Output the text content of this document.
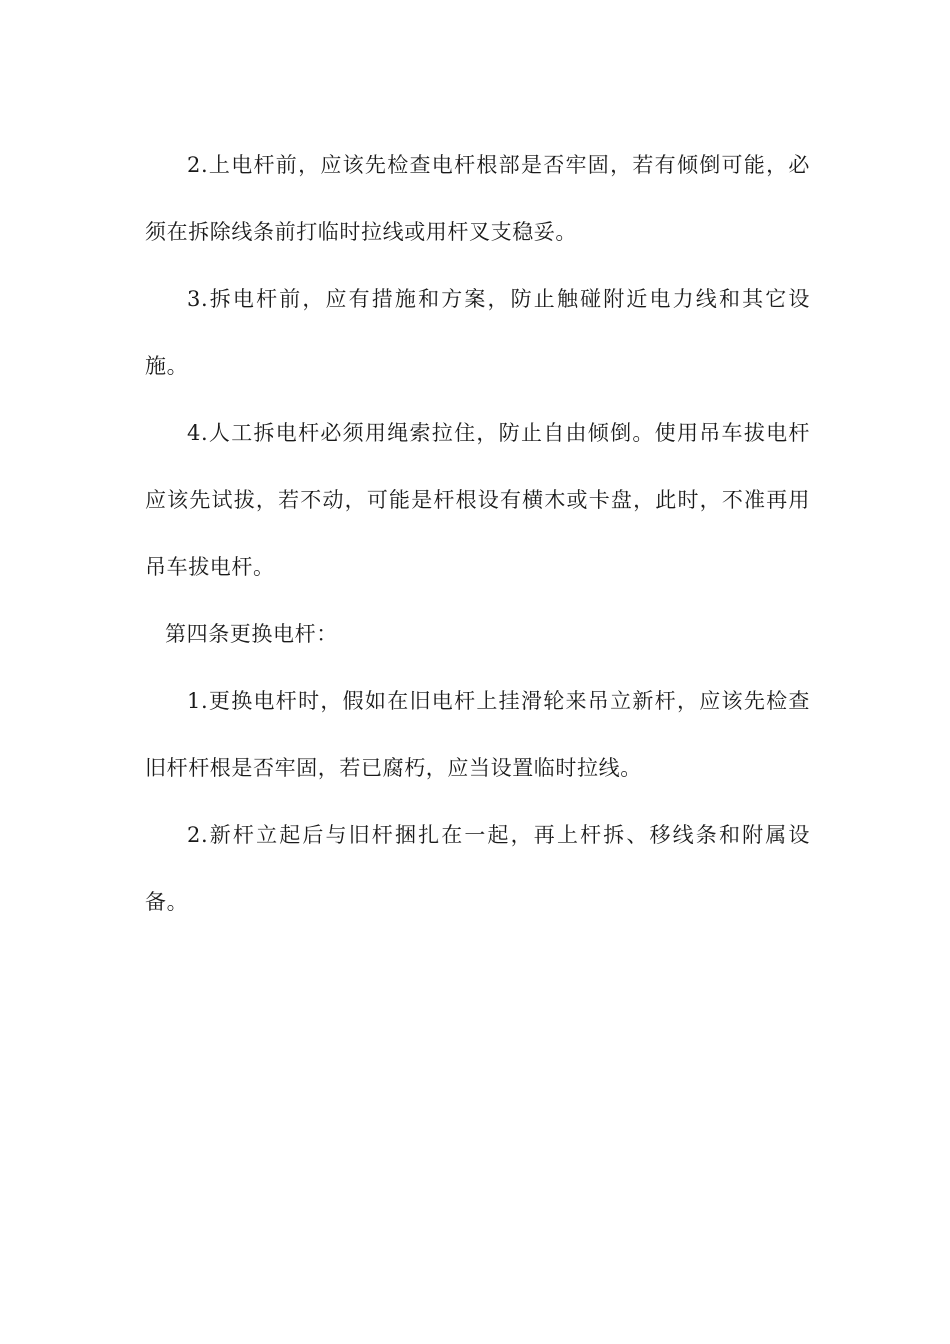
2.上电杆前，应该先检查电杆根部是否牢固，若有倾倒可能，必须在拆除线条前打临时拉线或用杆叉支稳妥。

3.拆电杆前，应有措施和方案，防止触碰附近电力线和其它设施。

4.人工拆电杆必须用绳索拉住，防止自由倾倒。使用吊车拔电杆应该先试拔，若不动，可能是杆根设有横木或卡盘，此时，不准再用吊车拔电杆。

第四条更换电杆：

1.更换电杆时，假如在旧电杆上挂滑轮来吊立新杆，应该先检查旧杆杆根是否牢固，若已腐朽，应当设置临时拉线。

2.新杆立起后与旧杆捆扎在一起，再上杆拆、移线条和附属设备。
